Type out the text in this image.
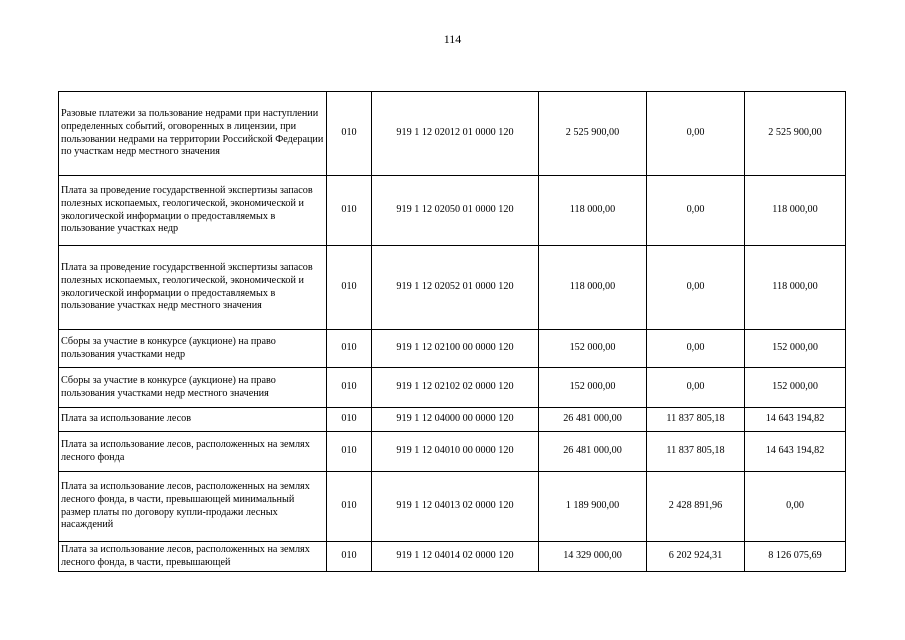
114
Разовые платежи за пользование недрами при наступлении определенных событий, оговоренных в лицензии, при пользовании недрами на территории Российской Федерации по участкам недр местного значения	010	919 1 12 02012 01 0000 120	2 525 900,00	0,00	2 525 900,00
Плата за проведение государственной экспертизы запасов полезных ископаемых, геологической, экономической и экологической информации о предоставляемых в пользование участках недр	010	919 1 12 02050 01 0000 120	118 000,00	0,00	118 000,00
Плата за проведение государственной экспертизы запасов полезных ископаемых, геологической, экономической и экологической информации о предоставляемых в пользование участках недр местного значения	010	919 1 12 02052 01 0000 120	118 000,00	0,00	118 000,00
Сборы за участие в конкурсе (аукционе) на право пользования участками недр	010	919 1 12 02100 00 0000 120	152 000,00	0,00	152 000,00
Сборы за участие в конкурсе (аукционе) на право пользования участками недр местного значения	010	919 1 12 02102 02 0000 120	152 000,00	0,00	152 000,00
Плата за использование лесов	010	919 1 12 04000 00 0000 120	26 481 000,00	11 837 805,18	14 643 194,82
Плата за использование лесов, расположенных на землях лесного фонда	010	919 1 12 04010 00 0000 120	26 481 000,00	11 837 805,18	14 643 194,82
Плата за использование лесов, расположенных на землях лесного фонда, в части, превышающей минимальный размер платы по договору купли-продажи лесных насаждений	010	919 1 12 04013 02 0000 120	1 189 900,00	2 428 891,96	0,00
Плата за использование лесов, расположенных на землях лесного фонда, в части, превышающей	010	919 1 12 04014 02 0000 120	14 329 000,00	6 202 924,31	8 126 075,69
